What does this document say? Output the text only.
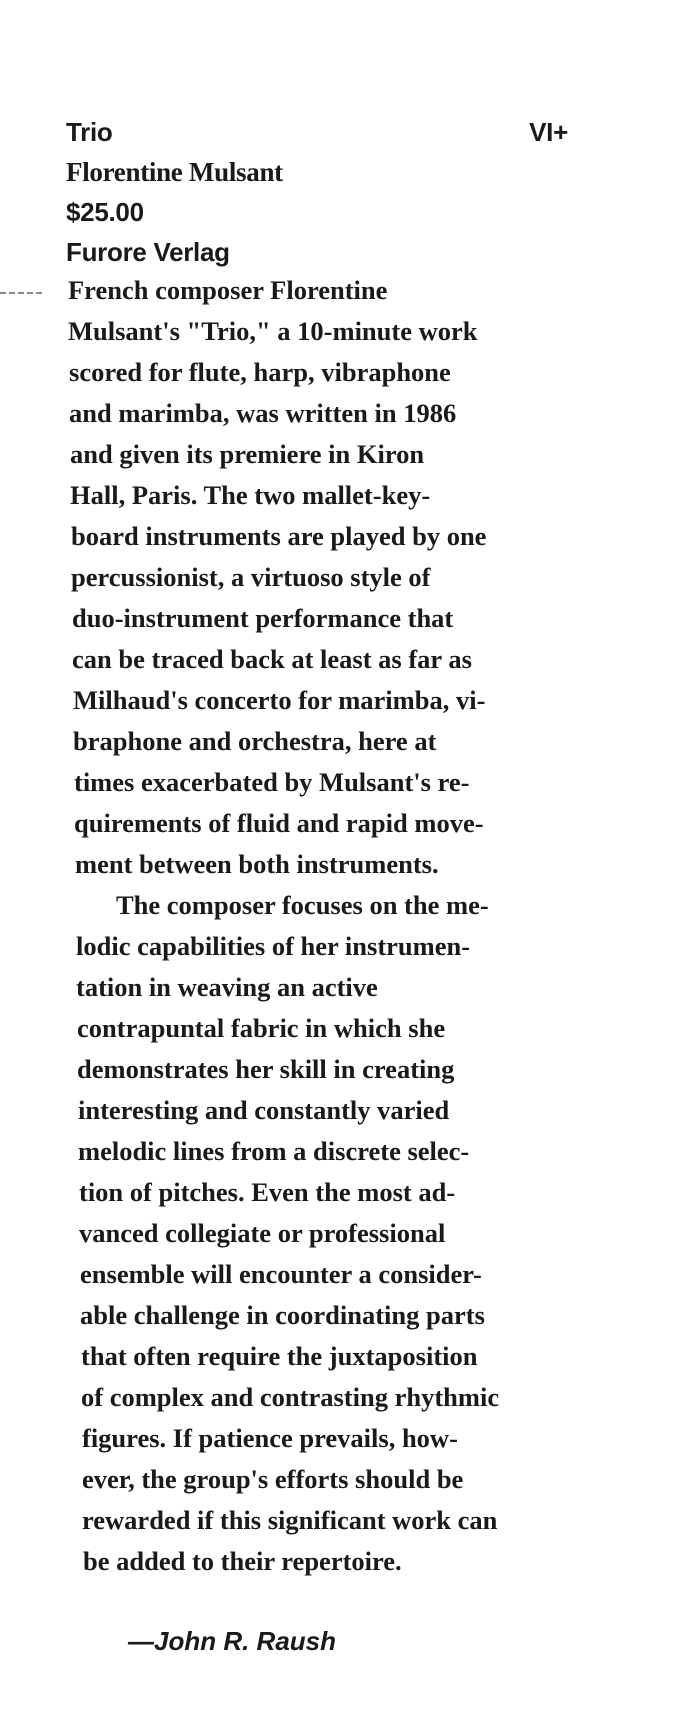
Trio	VI+
Florentine Mulsant
$25.00
Furore Verlag

French composer Florentine
Mulsant's "Trio," a 10-minute work
scored for flute, harp, vibraphone
and marimba, was written in 1986
and given its premiere in Kiron
Hall, Paris. The two mallet-key-
board instruments are played by one
percussionist, a virtuoso style of
duo-instrument performance that
can be traced back at least as far as
Milhaud's concerto for marimba, vi-
braphone and orchestra, here at
times exacerbated by Mulsant's re-
quirements of fluid and rapid move-
ment between both instruments.

The composer focuses on the me-
lodic capabilities of her instrumen-
tation in weaving an active
contrapuntal fabric in which she
demonstrates her skill in creating
interesting and constantly varied
melodic lines from a discrete selec-
tion of pitches. Even the most ad-
vanced collegiate or professional
ensemble will encounter a consider-
able challenge in coordinating parts
that often require the juxtaposition
of complex and contrasting rhythmic
figures. If patience prevails, how-
ever, the group's efforts should be
rewarded if this significant work can
be added to their repertoire.

—John R. Raush
